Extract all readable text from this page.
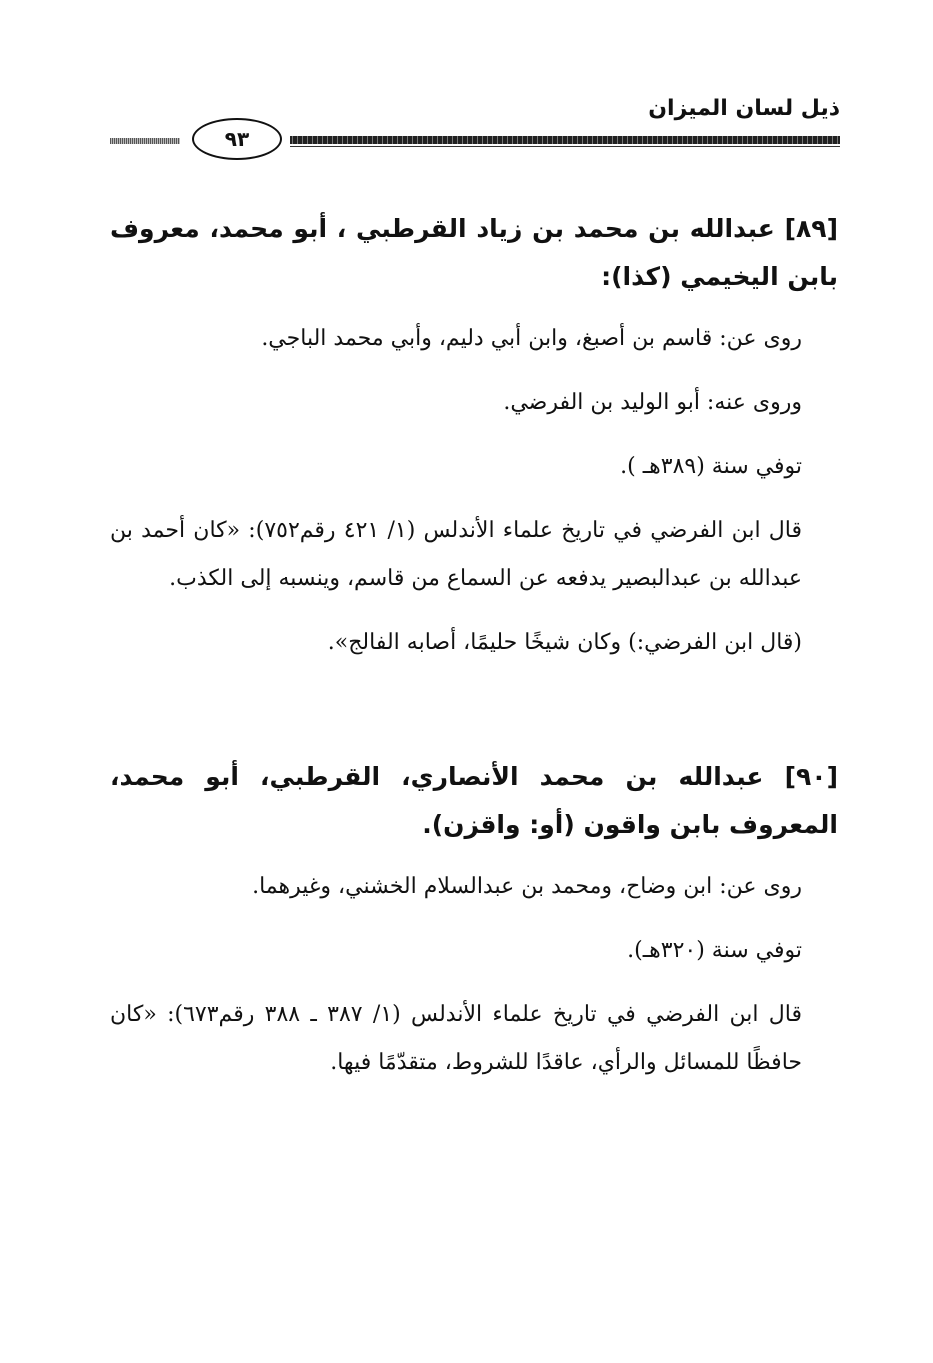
ذيل لسان الميزان
٩٣

[٨٩] عبدالله بن محمد بن زياد القرطبي ، أبو محمد، معروف بابن اليخيمي (كذا):

روى عن: قاسم بن أصبغ، وابن أبي دليم، وأبي محمد الباجي.

وروى عنه: أبو الوليد بن الفرضي.

توفي سنة (٣٨٩هـ ).

قال ابن الفرضي في تاريخ علماء الأندلس (١/ ٤٢١ رقم٧٥٢): «كان أحمد بن عبدالله بن عبدالبصير يدفعه عن السماع من قاسم، وينسبه إلى الكذب.

(قال ابن الفرضي:) وكان شيخًا حليمًا، أصابه الفالج».

[٩٠] عبدالله بن محمد الأنصاري، القرطبي، أبو محمد، المعروف بابن واقون (أو: واقزن).

روى عن: ابن وضاح، ومحمد بن عبدالسلام الخشني، وغيرهما.

توفي سنة (٣٢٠هـ).

قال ابن الفرضي في تاريخ علماء الأندلس (١/ ٣٨٧ ـ ٣٨٨ رقم٦٧٣): «كان حافظًا للمسائل والرأي، عاقدًا للشروط، متقدّمًا فيها.
